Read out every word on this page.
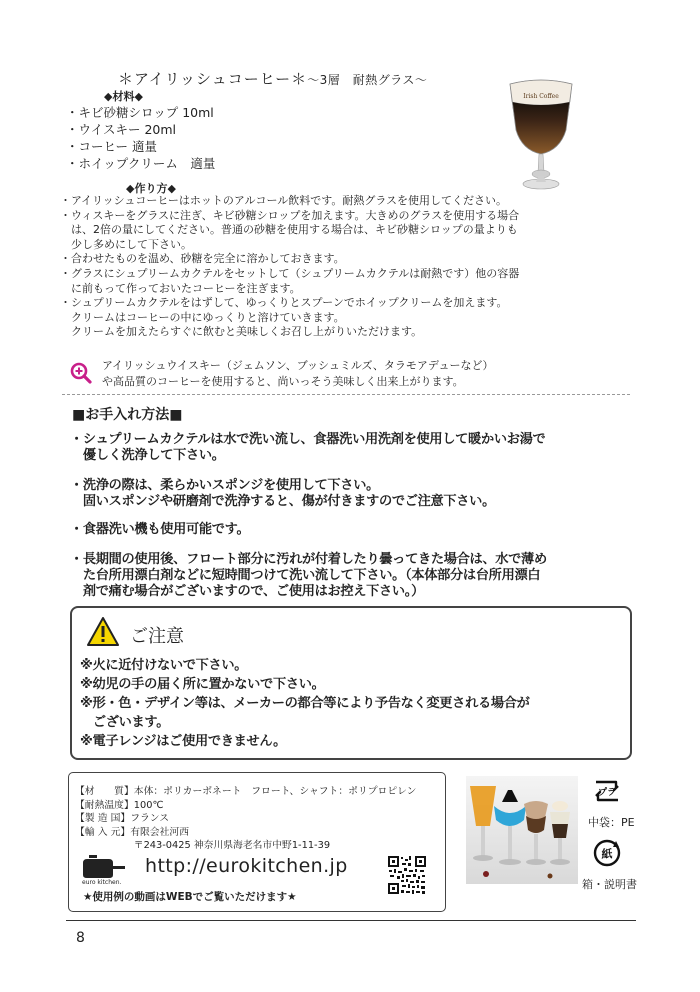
＊アイリッシュコーヒー＊～3層　耐熱グラス～
◆材料◆
・キビ砂糖シロップ 10ml
・ウイスキー 20ml
・コーヒー 適量
・ホイップクリーム　適量
◆作り方◆
・アイリッシュコーヒーはホットのアルコール飲料です。耐熱グラスを使用してください。
・ウィスキーをグラスに注ぎ、キビ砂糖シロップを加えます。大きめのグラスを使用する場合
　は、2倍の量にしてください。普通の砂糖を使用する場合は、キビ砂糖シロップの量よりも
　少し多めにして下さい。
・合わせたものを温め、砂糖を完全に溶かしておきます。
・グラスにシュプリームカクテルをセットして（シュプリームカクテルは耐熱です）他の容器
　に前もって作っておいたコーヒーを注ぎます。
・シュプリームカクテルをはずして、ゆっくりとスプーンでホイップクリームを加えます。
　クリームはコーヒーの中にゆっくりと溶けていきます。
　クリームを加えたらすぐに飲むと美味しくお召し上がりいただけます。
Irish Coffee
アイリッシュウイスキー（ジェムソン、ブッシュミルズ、タラモアデューなど）
や高品質のコーヒーを使用すると、尚いっそう美味しく出来上がります。
■お手入れ方法■
・シュプリームカクテルは水で洗い流し、食器洗い用洗剤を使用して暖かいお湯で
　優しく洗浄して下さい。
・洗浄の際は、柔らかいスポンジを使用して下さい。
　固いスポンジや研磨剤で洗浄すると、傷が付きますのでご注意下さい。
・食器洗い機も使用可能です。
・長期間の使用後、フロート部分に汚れが付着したり曇ってきた場合は、水で薄め
　た台所用漂白剤などに短時間つけて洗い流して下さい。（本体部分は台所用漂白
　剤で痛む場合がございますので、ご使用はお控え下さい。）
ご注意
※火に近付けないで下さい。
※幼児の手の届く所に置かないで下さい。
※形・色・デザイン等は、メーカーの都合等により予告なく変更される場合が
　ございます。
※電子レンジはご使用できません。
【材　　質】本体：ポリカーボネート　フロート、シャフト：ポリプロピレン
【耐熱温度】100℃
【製 造 国】フランス
【輸 入 元】有限会社河西
　　　　　　〒243-0425 神奈川県海老名市中野1-11-39
euro kitchen.
http://eurokitchen.jp
★使用例の動画はWEBでご覧いただけます★
プラ
中袋：PE
紙
箱・説明書
8
